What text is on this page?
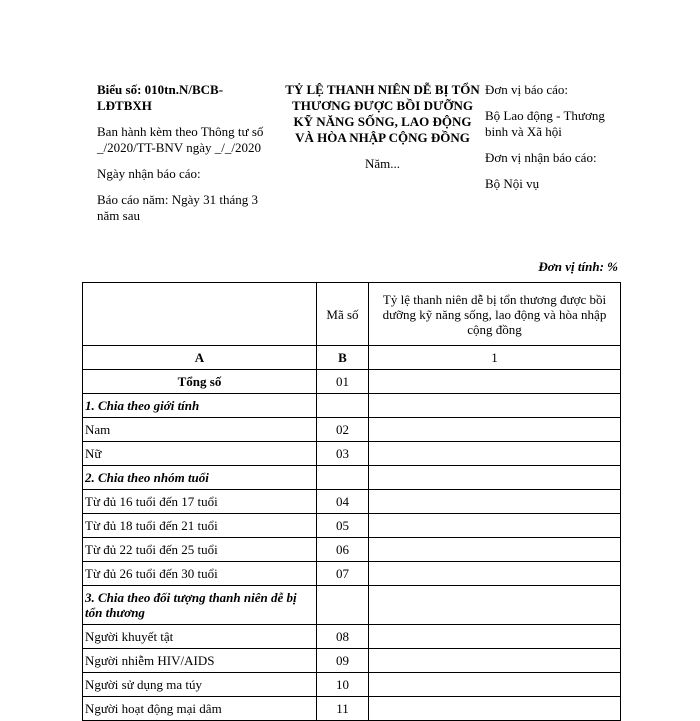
Biểu số: 010tn.N/BCB-LĐTBXH

Ban hành kèm theo Thông tư số _/2020/TT-BNV ngày _/_/2020

Ngày nhận báo cáo:

Báo cáo năm: Ngày 31 tháng 3 năm sau

TỶ LỆ THANH NIÊN DỄ BỊ TỔN THƯƠNG ĐƯỢC BỒI DƯỠNG KỸ NĂNG SỐNG, LAO ĐỘNG VÀ HÒA NHẬP CỘNG ĐỒNG

Năm...

Đơn vị báo cáo:

Bộ Lao động - Thương binh và Xã hội

Đơn vị nhận báo cáo:

Bộ Nội vụ

Đơn vị tính: %
	Mã số	Tỷ lệ thanh niên dễ bị tổn thương được bồi dưỡng kỹ năng sống, lao động và hòa nhập cộng đồng
A	B	1
Tổng số	01	
1. Chia theo giới tính		
Nam	02	
Nữ	03	
2. Chia theo nhóm tuổi		
Từ đủ 16 tuổi đến 17 tuổi	04	
Từ đủ 18 tuổi đến 21 tuổi	05	
Từ đủ 22 tuổi đến 25 tuổi	06	
Từ đủ 26 tuổi đến 30 tuổi	07	
3. Chia theo đối tượng thanh niên dễ bị tổn thương		
Người khuyết tật	08	
Người nhiễm HIV/AIDS	09	
Người sử dụng ma túy	10	
Người hoạt động mại dâm	11	
